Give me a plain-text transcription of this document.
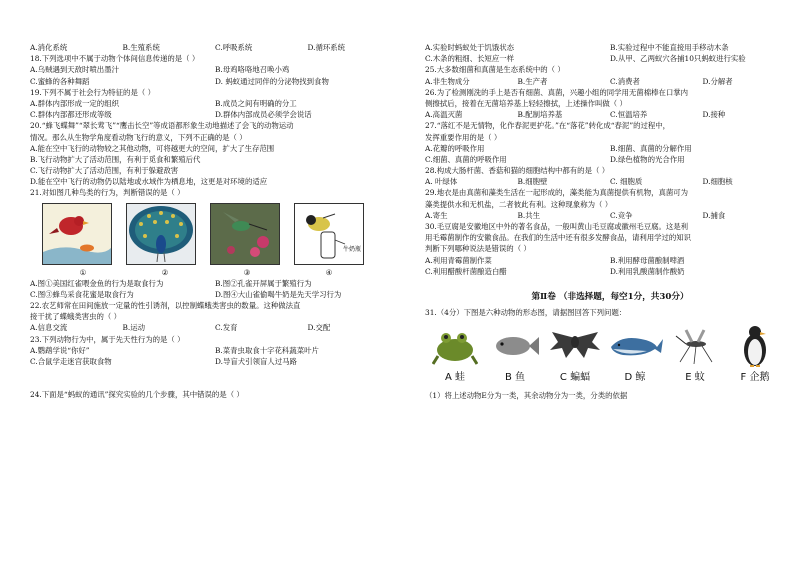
A.消化系统	B.生殖系统	C.呼吸系统	D.循环系统
18.下列选项中不属于动物个体间信息传递的是（ ）
A.乌贼遇到天敌时喷出墨汁	B.母鸡咯咯地召唤小鸡
C.蜜蜂的各种舞蹈	D. 蚂蚁通过同伴的分泌物找到食物
19.下列不属于社会行为特征的是（ ）
A.群体内部形成一定的组织	B.成员之间有明确的分工
C.群体内部都还形成等级	D.群体内部成员必须学会说话
20.“蜂飞蝶舞”“翠长莺飞”“鹰击长空”等成语都形象生动地描述了会飞的动物运动
情况。那么从生物学角度看动物飞行的意义，下列不正确的是（ ）
A.能在空中飞行的动物较之其他动物，可将越更大的空间，扩大了生存范围
B.飞行动物扩大了活动范围，有利于觅食和繁殖后代
C.飞行动物扩大了活动范围，有利于躲避敌害
D.能在空中飞行的动物仍以陆地或水域作为栖息地，这更是对环境的适应
21.对如图几种鸟类的行为，判断错误的是（ ）
牛奶瓶
①	②	③	④
A.图①美国红雀喂金鱼的行为是取食行为	B.图②孔雀开屏属于繁殖行为
C.图③蜂鸟采食花蜜是取食行为	D.图④大山雀偷喝牛奶是先天学习行为
22.农艺师常在田间施放一定量的性引诱剂，以控制蝶蛾类害虫的数量。这种做法直
接干扰了蝶蛾类害虫的（ ）
A.信息交流	B.运动	C.发育	D.交配
23.下列动物行为中，属于先天性行为的是（ ）
A.鹦鹉学说“你好”	B.菜青虫取食十字花科蔬菜叶片
C.合鼠学走迷宫获取食物	D.导盲犬引领盲人过马路
24.下面是“蚂蚁的通讯”探究实验的几个步骤，其中错误的是（ ）
A.实验时蚂蚁处于饥饿状态	B.实验过程中不能直接用手移动木条
C.木条的粗细、长短应一样	D.从甲、乙两蚁穴各捕10只蚂蚁进行实验
25.大多数细菌和真菌是生态系统中的（ ）
A.非生物成分	B.生产者	C.消费者	D.分解者
26.为了检测刚洗的手上是否有细菌、真菌，兴趣小组的同学用无菌棉棒在口掌内
侧擦拭后，接着在无菌培养基上轻轻擦拭，上述操作叫做（ ）
A.高温灭菌	B.配制培养基	C.恒温培养	D.接种
27.“落红不是无情物，化作春泥更护花。”在“落花”转化成“春泥”的过程中，
发挥重要作用的是（ ）
A.花瓣的呼吸作用	B.细菌、真菌的分解作用
C.细菌、真菌的呼吸作用	D.绿色植物的光合作用
28.构成大肠杆菌、香菇和猫的细胞结构中都有的是（ ）
A. 叶绿体	B.细胞壁	C. 细胞质	D.细胞核
29.地衣是由真菌和藻类生活在一起形成的，藻类能为真菌提供有机物，真菌可为
藻类提供水和无机盐，二者彼此有利。这种现象称为（ ）
A.寄生	B.共生	C.竞争	D.捕食
30.毛豆腐是安徽地区中外的著名食品，一般叫黄山毛豆腐或徽州毛豆腐。这是利
用毛霉菌制作的安徽食品。在我们的生活中还有很多发酵食品，请利用学过的知识
判断下列哪种说法是错误的（ ）
A.利用青霉菌制作菜	B.利用酵母菌酿制啤酒
C.利用醋酸杆菌酿造白醋	D.利用乳酸菌制作酸奶
第Ⅱ卷 （非选择题，每空1分，共30分）
31.（4分）下图是六种动物的形态图，请据图回答下列问题：
A 蛙	B 鱼	C 蝙蝠	D 鲸	E 蚊	F 企鹅
（1）将上述动物E分为一类，其余动物分为一类，分类的依据
